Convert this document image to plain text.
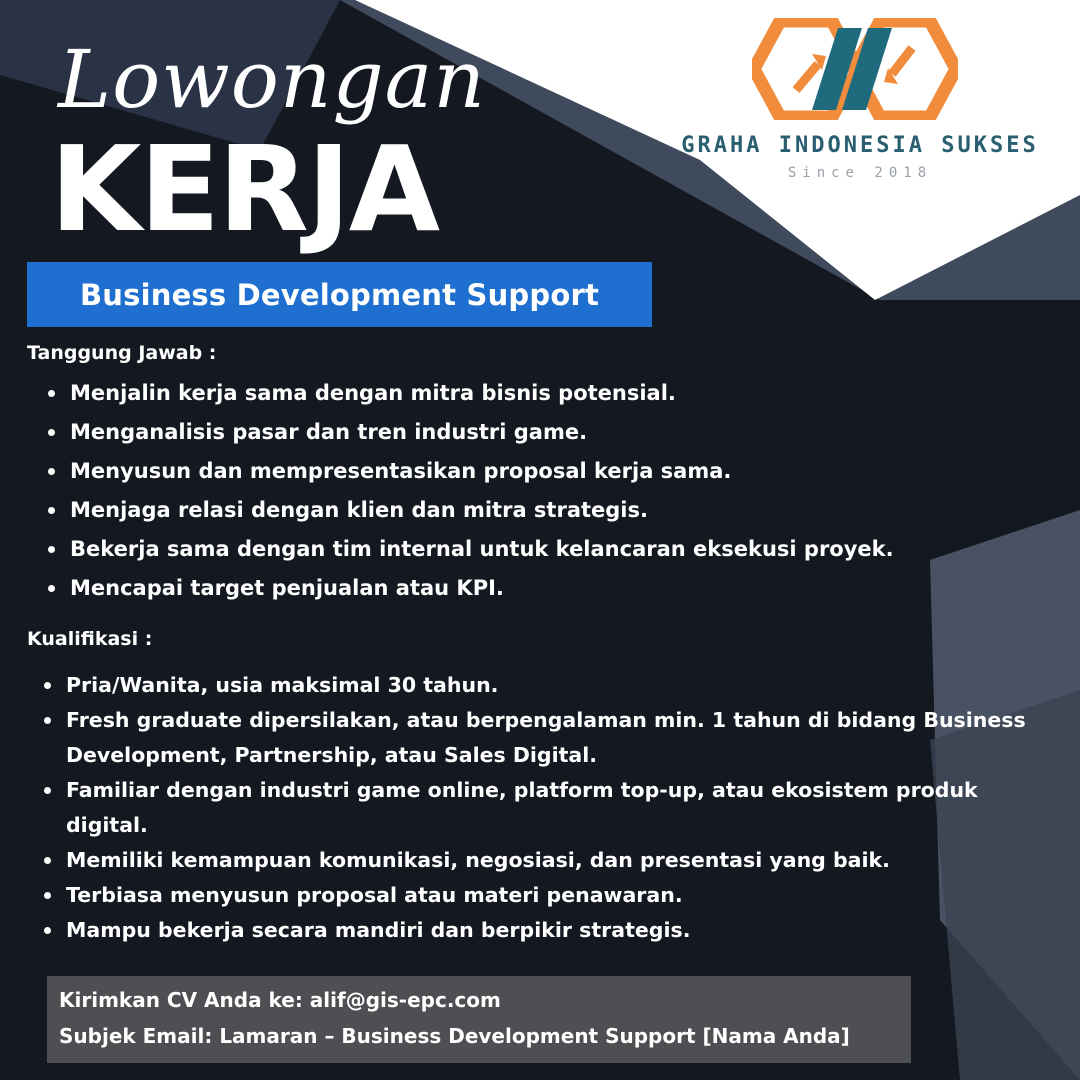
Lowongan
KERJA	GRAHA INDONESIA SUKSES

Since 2018

Business Development Support
Tanggung Jawab :
Menjalin kerja sama dengan mitra bisnis potensial.
Menganalisis pasar dan tren industri game.
Menyusun dan mempresentasikan proposal kerja sama.
Menjaga relasi dengan klien dan mitra strategis.
Bekerja sama dengan tim internal untuk kelancaran eksekusi proyek.
Mencapai target penjualan atau KPI.
Kualifikasi :
Pria/Wanita, usia maksimal 30 tahun.
Fresh graduate dipersilakan, atau berpengalaman min. 1 tahun di bidang Business Development, Partnership, atau Sales Digital.
Familiar dengan industri game online, platform top-up, atau ekosistem produk digital.
Memiliki kemampuan komunikasi, negosiasi, dan presentasi yang baik.
Terbiasa menyusun proposal atau materi penawaran.
Mampu bekerja secara mandiri dan berpikir strategis.

Kirimkan CV Anda ke: alif@gis-epc.com

Subjek Email: Lamaran – Business Development Support [Nama Anda]
